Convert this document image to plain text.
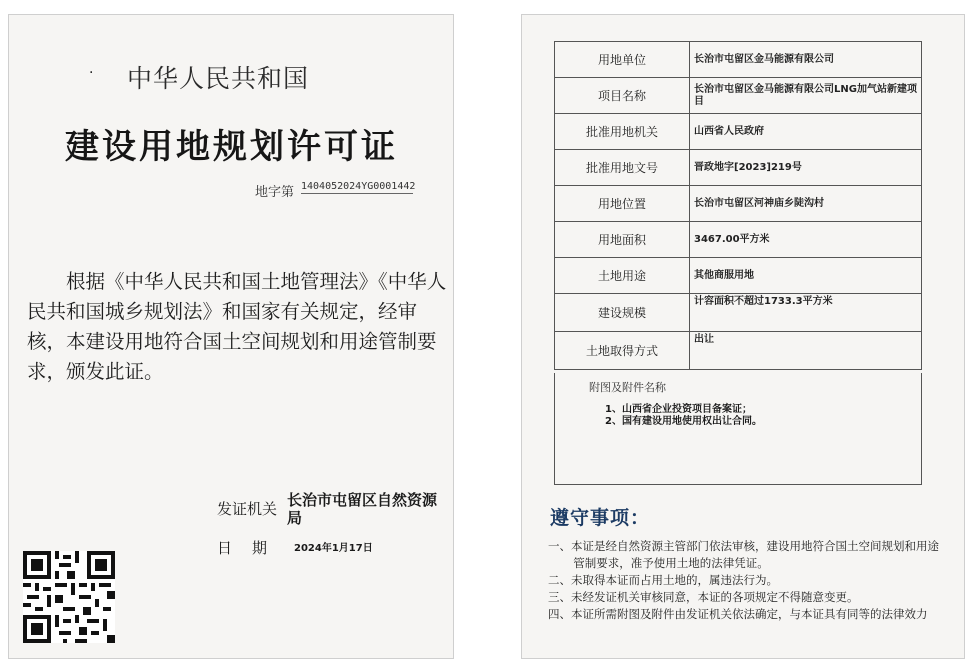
· 中华人民共和国
建设用地规划许可证
地字第 140405202​4YG0001442

根据《中华人民共和国土地管理法》《中华人民共和国城乡规划法》和国家有关规定，经审核，本建设用地符合国土空间规划和用途管制要求，颁发此证。

发证机关 长治市屯留区自然资源局
日期 2024年1月17日
用地单位	长治市屯留区金马能源有限公司
项目名称	长治市屯留区金马能源有限公司LNG加气站新建项目
批准用地机关	山西省人民政府
批准用地文号	晋政地字[2023]219号
用地位置	长治市屯留区河神庙乡陡沟村
用地面积	3467.00平方米
土地用途	其他商服用地
建设规模	计容面积不超过1733.3平方米
土地取得方式	出让
附图及附件名称
1、山西省企业投资项目备案证；
2、国有建设用地使用权出让合同。
遵守事项：
一、本证是经自然资源主管部门依法审核，建设用地符合国土空间规划和用途管制要求，准予使用土地的法律凭证。
二、未取得本证而占用土地的，属违法行为。
三、未经发证机关审核同意，本证的各项规定不得随意变更。
四、本证所需附图及附件由发证机关依法确定，与本证具有同等的法律效力
